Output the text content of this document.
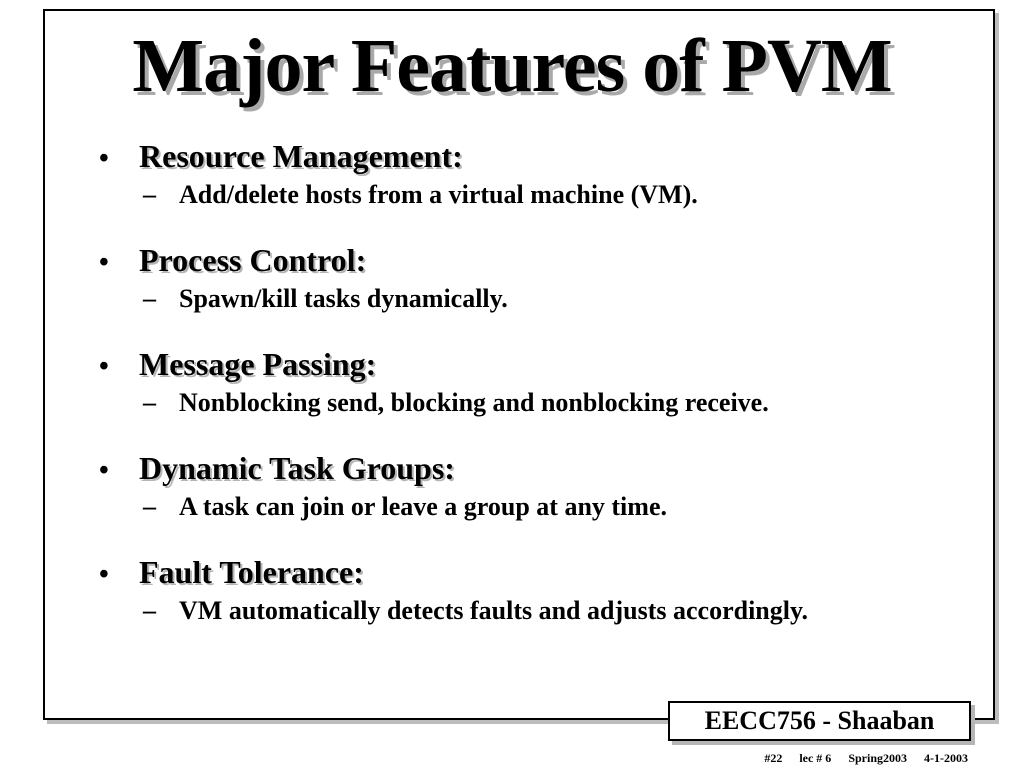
Major Features of PVM
• Resource Management:
– Add/delete hosts from a virtual machine (VM).
• Process Control:
– Spawn/kill tasks dynamically.
• Message Passing:
– Nonblocking send, blocking and nonblocking receive.
• Dynamic Task Groups:
– A task can join or leave a group at any time.
• Fault Tolerance:
– VM automatically detects faults and adjusts accordingly.
EECC756 - Shaaban
#22 lec # 6 Spring2003 4-1-2003
